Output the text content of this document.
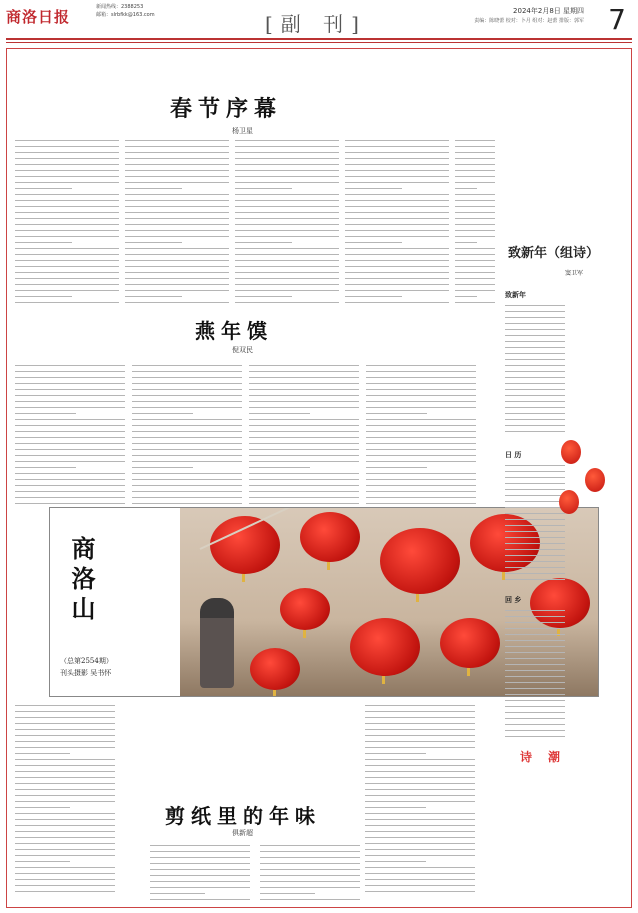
商洛日报
新闻热线：2388253
邮箱：slrbfkk@163.com	[副 刊]
2024年2月8日 星期四
责编：陈晓蕾 校对：卜月 组对：赵蕾 排版：郭军 7
春节序幕
杨卫星
燕年馍
倪双民
商洛山
（总第2554期）
刊头摄影 吴书怀
剪纸里的年味
俱新超
致新年（组诗）
窦卫军
致新年
日 历
回 乡
诗 潮
